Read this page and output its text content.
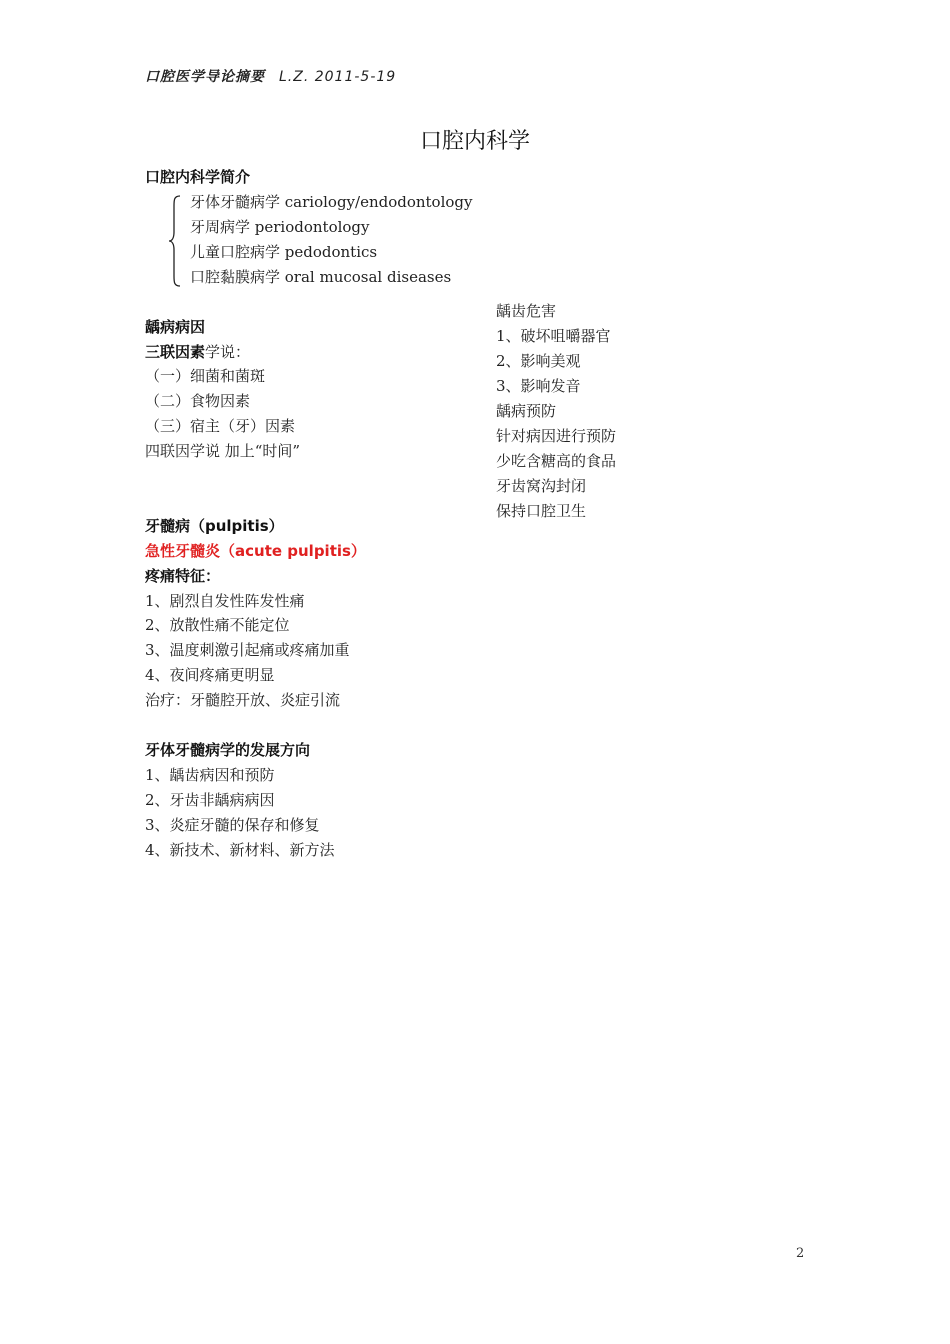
口腔医学导论摘要 L.Z. 2011-5-19
口腔内科学
口腔内科学简介
牙体牙髓病学 cariology/endodontology
牙周病学 periodontology
儿童口腔病学 pedodontics
口腔黏膜病学 oral mucosal diseases
龋病病因
三联因素学说：
（一）细菌和菌斑
（二）食物因素
（三）宿主（牙）因素
四联因学说 加上“时间”
龋齿危害
1、破坏咀嚼器官
2、影响美观
3、影响发音
龋病预防
针对病因进行预防
少吃含糖高的食品
牙齿窝沟封闭
保持口腔卫生
牙髓病（pulpitis）
急性牙髓炎（acute pulpitis）
疼痛特征：
1、剧烈自发性阵发性痛
2、放散性痛不能定位
3、温度刺激引起痛或疼痛加重
4、夜间疼痛更明显
治疗：牙髓腔开放、炎症引流
牙体牙髓病学的发展方向
1、龋齿病因和预防
2、牙齿非龋病病因
3、炎症牙髓的保存和修复
4、新技术、新材料、新方法
2
